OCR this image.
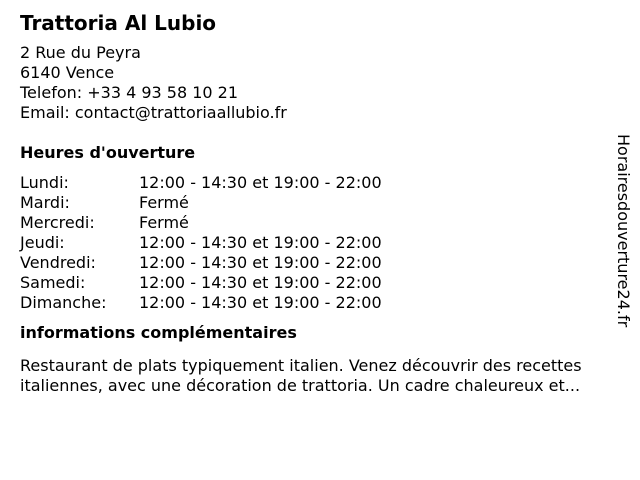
Trattoria Al Lubio
2 Rue du Peyra
6140 Vence
Telefon: +33 4 93 58 10 21
Email: contact@trattoriaallubio.fr
Heures d'ouverture
Lundi:	12:00 - 14:30 et 19:00 - 22:00
Mardi:	Fermé
Mercredi:	Fermé
Jeudi:	12:00 - 14:30 et 19:00 - 22:00
Vendredi:	12:00 - 14:30 et 19:00 - 22:00
Samedi:	12:00 - 14:30 et 19:00 - 22:00
Dimanche:	12:00 - 14:30 et 19:00 - 22:00
informations complémentaires
Restaurant de plats typiquement italien. Venez découvrir des recettes
italiennes, avec une décoration de trattoria. Un cadre chaleureux et...
Horairesdouverture24.fr
